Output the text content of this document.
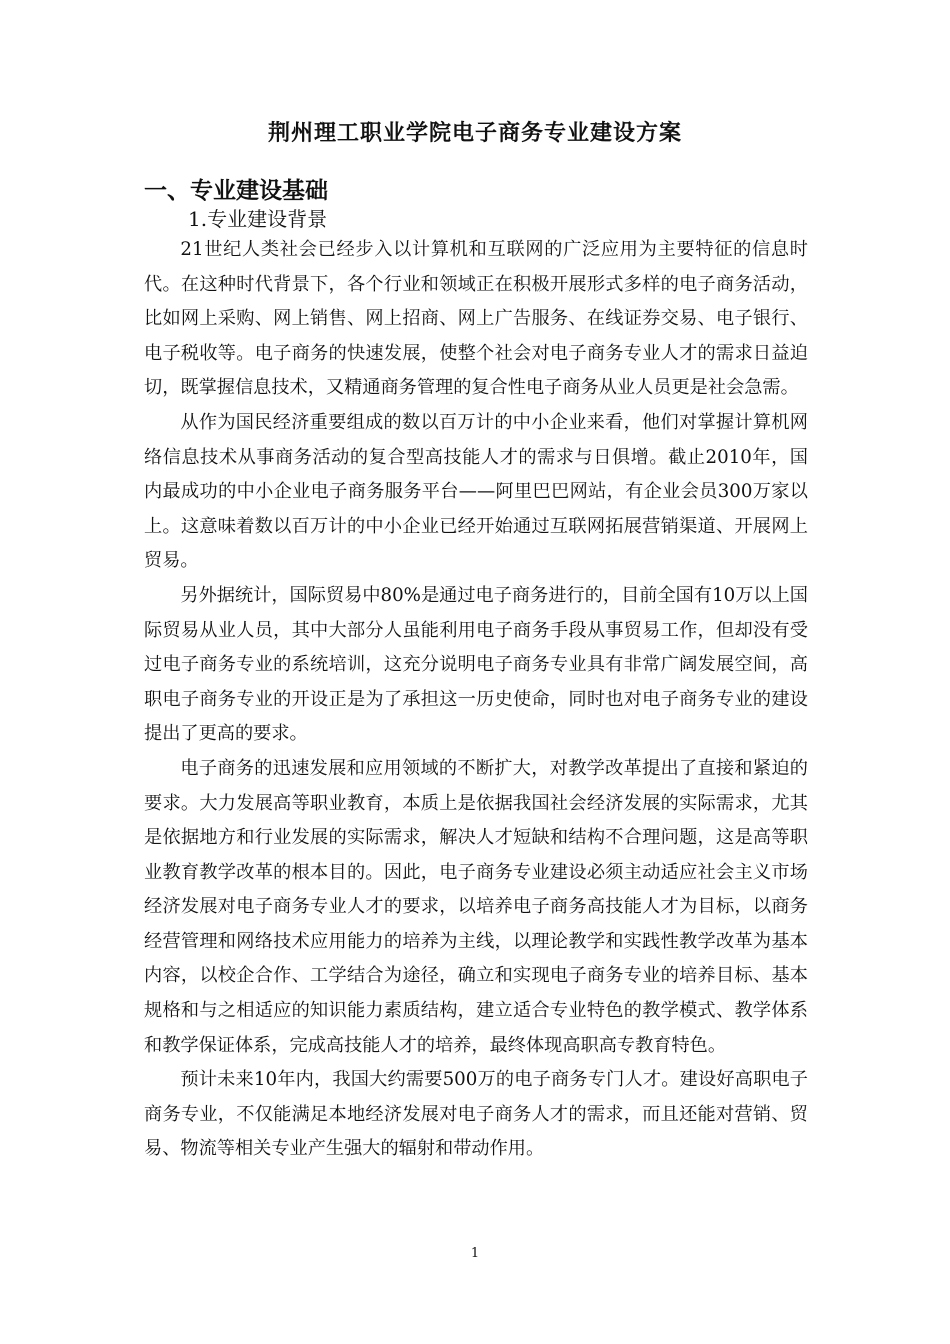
荆州理工职业学院电子商务专业建设方案
一、专业建设基础
1.专业建设背景

21世纪人类社会已经步入以计算机和互联网的广泛应用为主要特征的信息时代。在这种时代背景下，各个行业和领域正在积极开展形式多样的电子商务活动，比如网上采购、网上销售、网上招商、网上广告服务、在线证券交易、电子银行、电子税收等。电子商务的快速发展，使整个社会对电子商务专业人才的需求日益迫切，既掌握信息技术，又精通商务管理的复合性电子商务从业人员更是社会急需。

从作为国民经济重要组成的数以百万计的中小企业来看，他们对掌握计算机网络信息技术从事商务活动的复合型高技能人才的需求与日俱增。截止2010年，国内最成功的中小企业电子商务服务平台——阿里巴巴网站，有企业会员300万家以上。这意味着数以百万计的中小企业已经开始通过互联网拓展营销渠道、开展网上贸易。

另外据统计，国际贸易中80%是通过电子商务进行的，目前全国有10万以上国际贸易从业人员，其中大部分人虽能利用电子商务手段从事贸易工作，但却没有受过电子商务专业的系统培训，这充分说明电子商务专业具有非常广阔发展空间，高职电子商务专业的开设正是为了承担这一历史使命，同时也对电子商务专业的建设提出了更高的要求。

电子商务的迅速发展和应用领域的不断扩大，对教学改革提出了直接和紧迫的要求。大力发展高等职业教育，本质上是依据我国社会经济发展的实际需求，尤其是依据地方和行业发展的实际需求，解决人才短缺和结构不合理问题，这是高等职业教育教学改革的根本目的。因此，电子商务专业建设必须主动适应社会主义市场经济发展对电子商务专业人才的要求，以培养电子商务高技能人才为目标，以商务经营管理和网络技术应用能力的培养为主线，以理论教学和实践性教学改革为基本内容，以校企合作、工学结合为途径，确立和实现电子商务专业的培养目标、基本规格和与之相适应的知识能力素质结构，建立适合专业特色的教学模式、教学体系和教学保证体系，完成高技能人才的培养，最终体现高职高专教育特色。

预计未来10年内，我国大约需要500万的电子商务专门人才。建设好高职电子商务专业，不仅能满足本地经济发展对电子商务人才的需求，而且还能对营销、贸易、物流等相关专业产生强大的辐射和带动作用。

1
